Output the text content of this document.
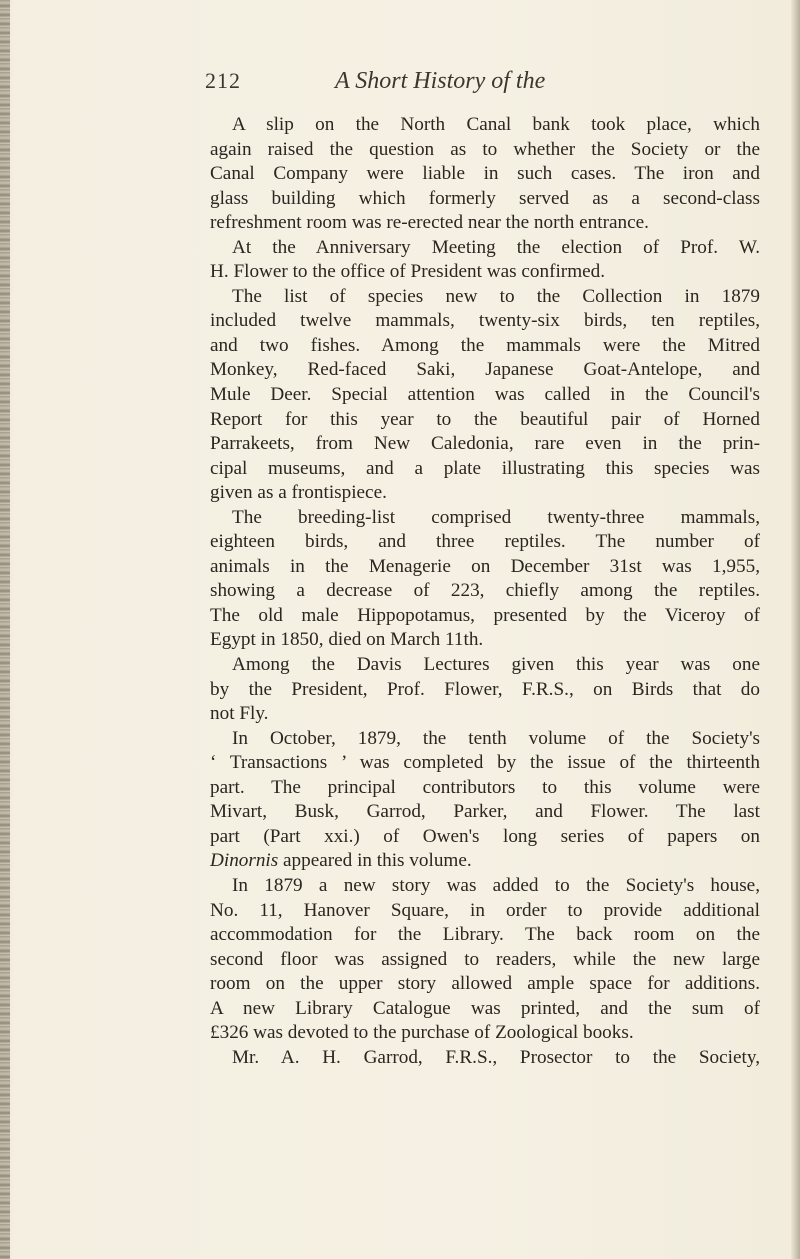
212	A Short History of the
A slip on the North Canal bank took place, which
again raised the question as to whether the Society or the
Canal Company were liable in such cases. The iron and
glass building which formerly served as a second-class
refreshment room was re-erected near the north entrance.
At the Anniversary Meeting the election of Prof. W.
H. Flower to the office of President was confirmed.
The list of species new to the Collection in 1879
included twelve mammals, twenty-six birds, ten reptiles,
and two fishes. Among the mammals were the Mitred
Monkey, Red-faced Saki, Japanese Goat-Antelope, and
Mule Deer. Special attention was called in the Council's
Report for this year to the beautiful pair of Horned
Parrakeets, from New Caledonia, rare even in the prin-
cipal museums, and a plate illustrating this species was
given as a frontispiece.
The breeding-list comprised twenty-three mammals,
eighteen birds, and three reptiles. The number of
animals in the Menagerie on December 31st was 1,955,
showing a decrease of 223, chiefly among the reptiles.
The old male Hippopotamus, presented by the Viceroy of
Egypt in 1850, died on March 11th.
Among the Davis Lectures given this year was one
by the President, Prof. Flower, F.R.S., on Birds that do
not Fly.
In October, 1879, the tenth volume of the Society's
‘ Transactions ’ was completed by the issue of the thirteenth
part. The principal contributors to this volume were
Mivart, Busk, Garrod, Parker, and Flower. The last
part (Part xxi.) of Owen's long series of papers on
Dinornis appeared in this volume.
In 1879 a new story was added to the Society's house,
No. 11, Hanover Square, in order to provide additional
accommodation for the Library. The back room on the
second floor was assigned to readers, while the new large
room on the upper story allowed ample space for additions.
A new Library Catalogue was printed, and the sum of
£326 was devoted to the purchase of Zoological books.
Mr. A. H. Garrod, F.R.S., Prosector to the Society,
